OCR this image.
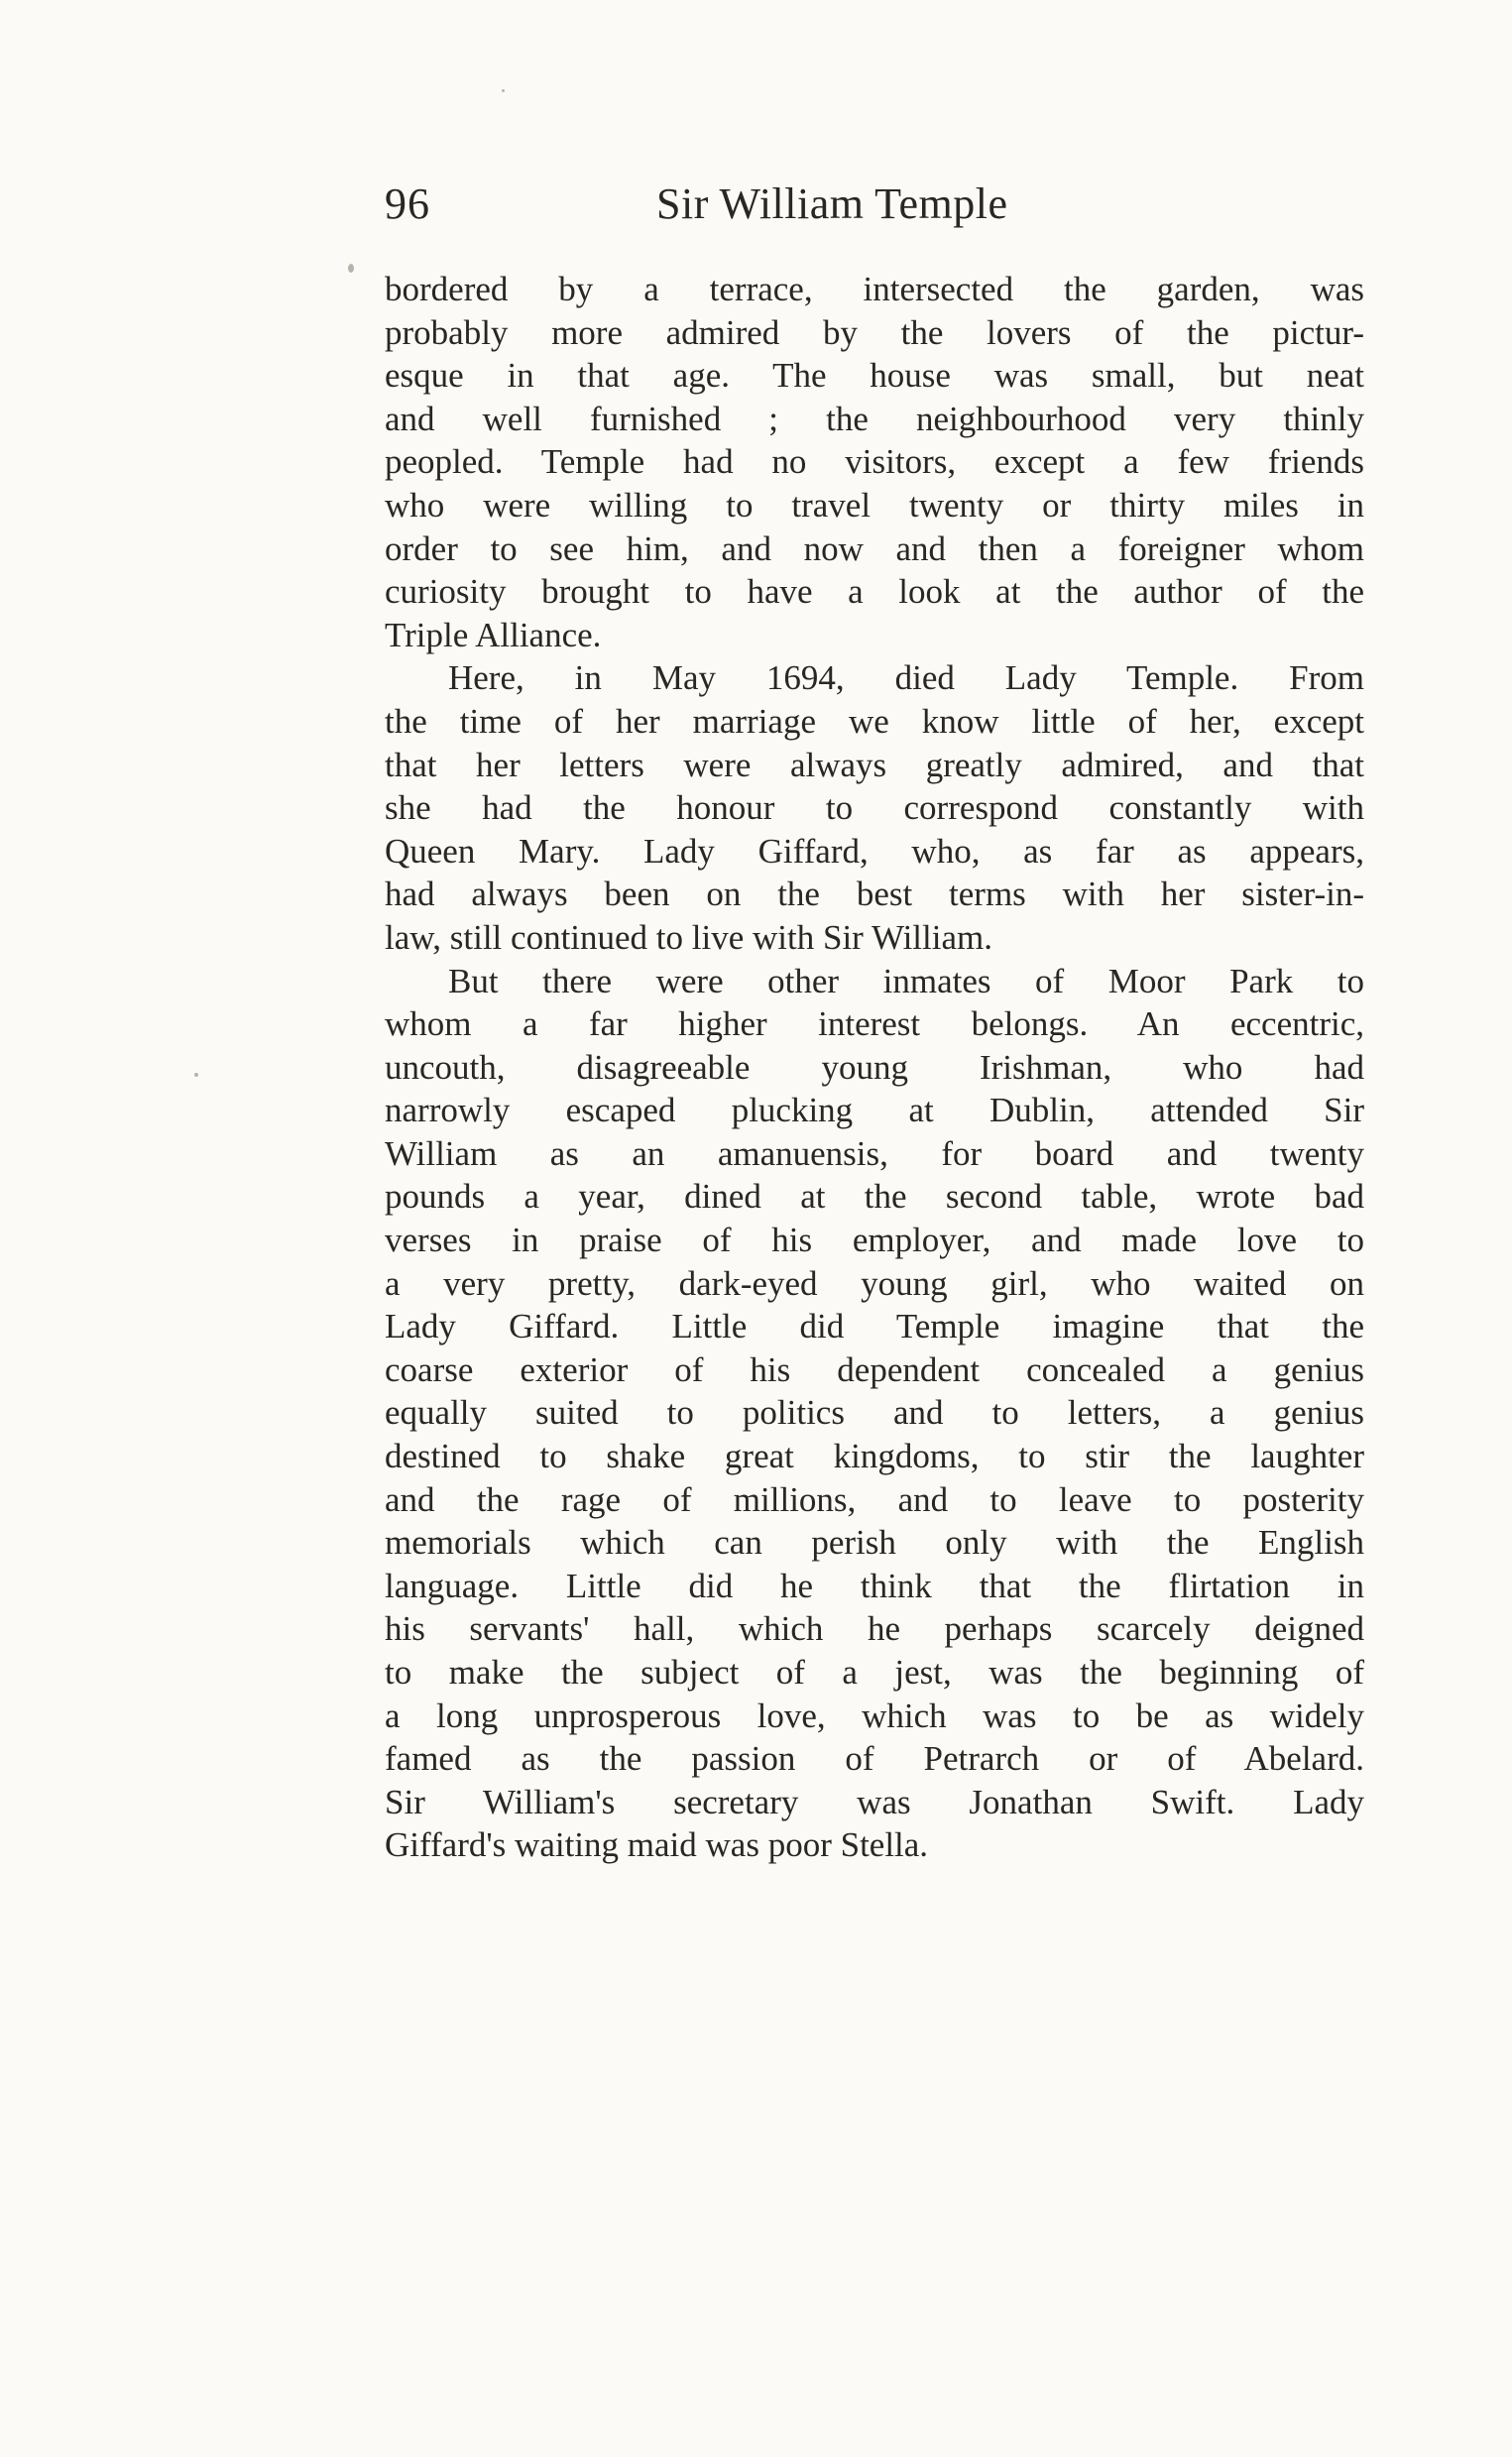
96	Sir William Temple
bordered by a terrace, intersected the garden, was
probably more admired by the lovers of the pictur-
esque in that age. The house was small, but neat
and well furnished ; the neighbourhood very thinly
peopled. Temple had no visitors, except a few friends
who were willing to travel twenty or thirty miles in
order to see him, and now and then a foreigner whom
curiosity brought to have a look at the author of the
Triple Alliance.
Here, in May 1694, died Lady Temple. From
the time of her marriage we know little of her, except
that her letters were always greatly admired, and that
she had the honour to correspond constantly with
Queen Mary. Lady Giffard, who, as far as appears,
had always been on the best terms with her sister-in-
law, still continued to live with Sir William.
But there were other inmates of Moor Park to
whom a far higher interest belongs. An eccentric,
uncouth, disagreeable young Irishman, who had
narrowly escaped plucking at Dublin, attended Sir
William as an amanuensis, for board and twenty
pounds a year, dined at the second table, wrote bad
verses in praise of his employer, and made love to
a very pretty, dark-eyed young girl, who waited on
Lady Giffard. Little did Temple imagine that the
coarse exterior of his dependent concealed a genius
equally suited to politics and to letters, a genius
destined to shake great kingdoms, to stir the laughter
and the rage of millions, and to leave to posterity
memorials which can perish only with the English
language. Little did he think that the flirtation in
his servants' hall, which he perhaps scarcely deigned
to make the subject of a jest, was the beginning of
a long unprosperous love, which was to be as widely
famed as the passion of Petrarch or of Abelard.
Sir William's secretary was Jonathan Swift. Lady
Giffard's waiting maid was poor Stella.
